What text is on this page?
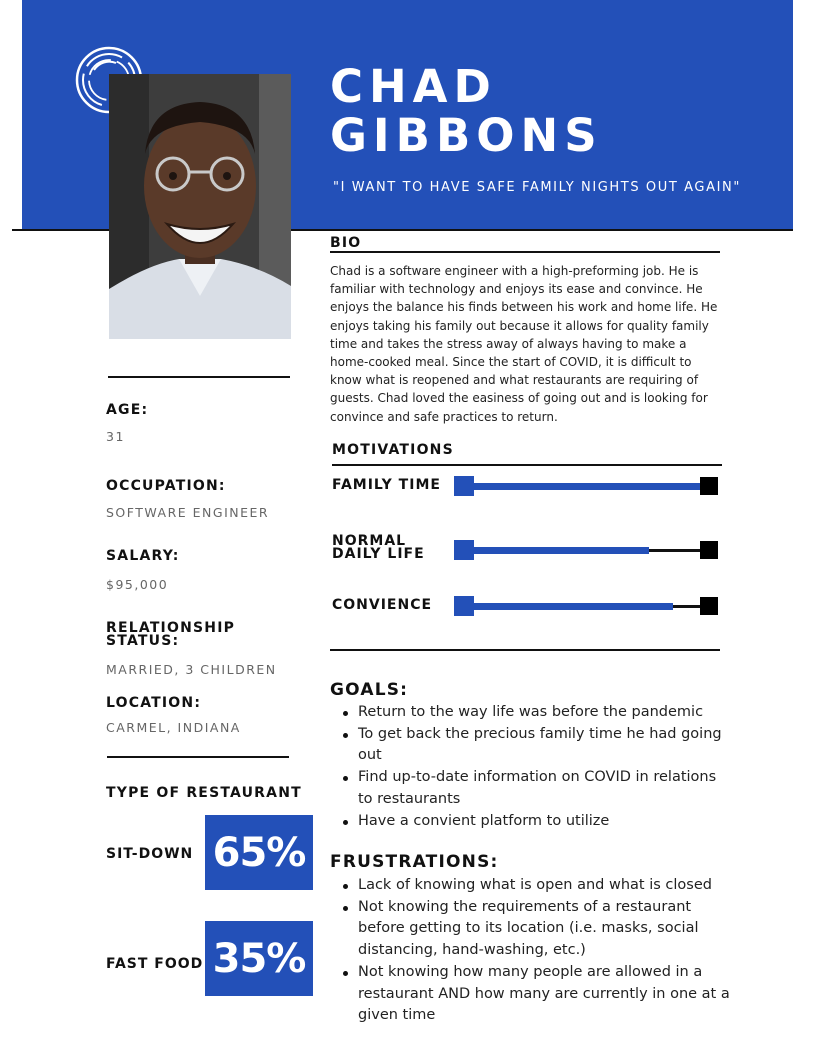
CHAD
GIBBONS
"I WANT TO HAVE SAFE FAMILY NIGHTS OUT AGAIN"
BIO
Chad is a software engineer with a high-preforming job. He is familiar with technology and enjoys its ease and convince. He enjoys the balance his finds between his work and home life. He enjoys taking his family out because it allows for quality family time and takes the stress away of always having to make a home-cooked meal. Since the start of COVID, it is difficult to know what is reopened and what restaurants are requiring of guests. Chad loved the easiness of going out and is looking for convince and safe practices to return.
AGE:
31
OCCUPATION:
SOFTWARE ENGINEER
SALARY:
$95,000
RELATIONSHIP
STATUS:
MARRIED, 3 CHILDREN
LOCATION:
CARMEL, INDIANA
MOTIVATIONS
FAMILY TIME
NORMAL
DAILY LIFE
CONVIENCE
GOALS:
Return to the way life was before the pandemic
To get back the precious family time he had going out
Find up-to-date information on COVID in relations to restaurants
Have a convient platform to utilize
FRUSTRATIONS:
Lack of knowing what is open and what is closed
Not knowing the requirements of a restaurant before getting to its location (i.e. masks, social distancing, hand-washing, etc.)
Not knowing how many people are allowed in a restaurant AND how many are currently in one at a given time
TYPE OF RESTAURANT
SIT-DOWN 65%
FAST FOOD 35%
